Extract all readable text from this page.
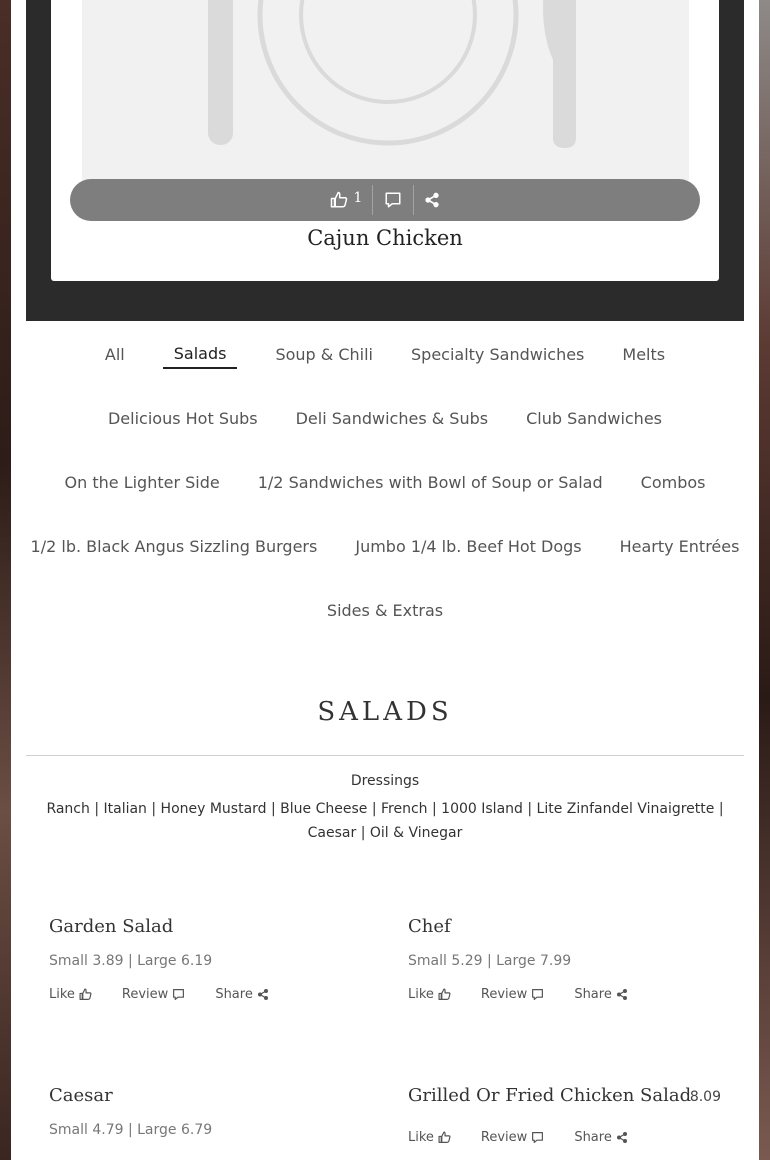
1
Cajun Chicken
All	Salads	Soup & Chili Specialty Sandwiches Melts
Delicious Hot Subs Deli Sandwiches & Subs Club Sandwiches
On the Lighter Side 1/2 Sandwiches with Bowl of Soup or Salad Combos
1/2 lb. Black Angus Sizzling Burgers Jumbo 1/4 lb. Beef Hot Dogs Hearty Entrées
Sides & Extras
SALADS
Dressings
Ranch | Italian | Honey Mustard | Blue Cheese | French | 1000 Island | Lite Zinfandel Vinaigrette | Caesar | Oil & Vinegar
Garden Salad
Small 3.89 | Large 6.19
Like	Review	Share
Chef
Small 5.29 | Large 7.99
Like	Review	Share
Caesar
Small 4.79 | Large 6.79
Grilled Or Fried Chicken Salad
8.09
Like	Review	Share
